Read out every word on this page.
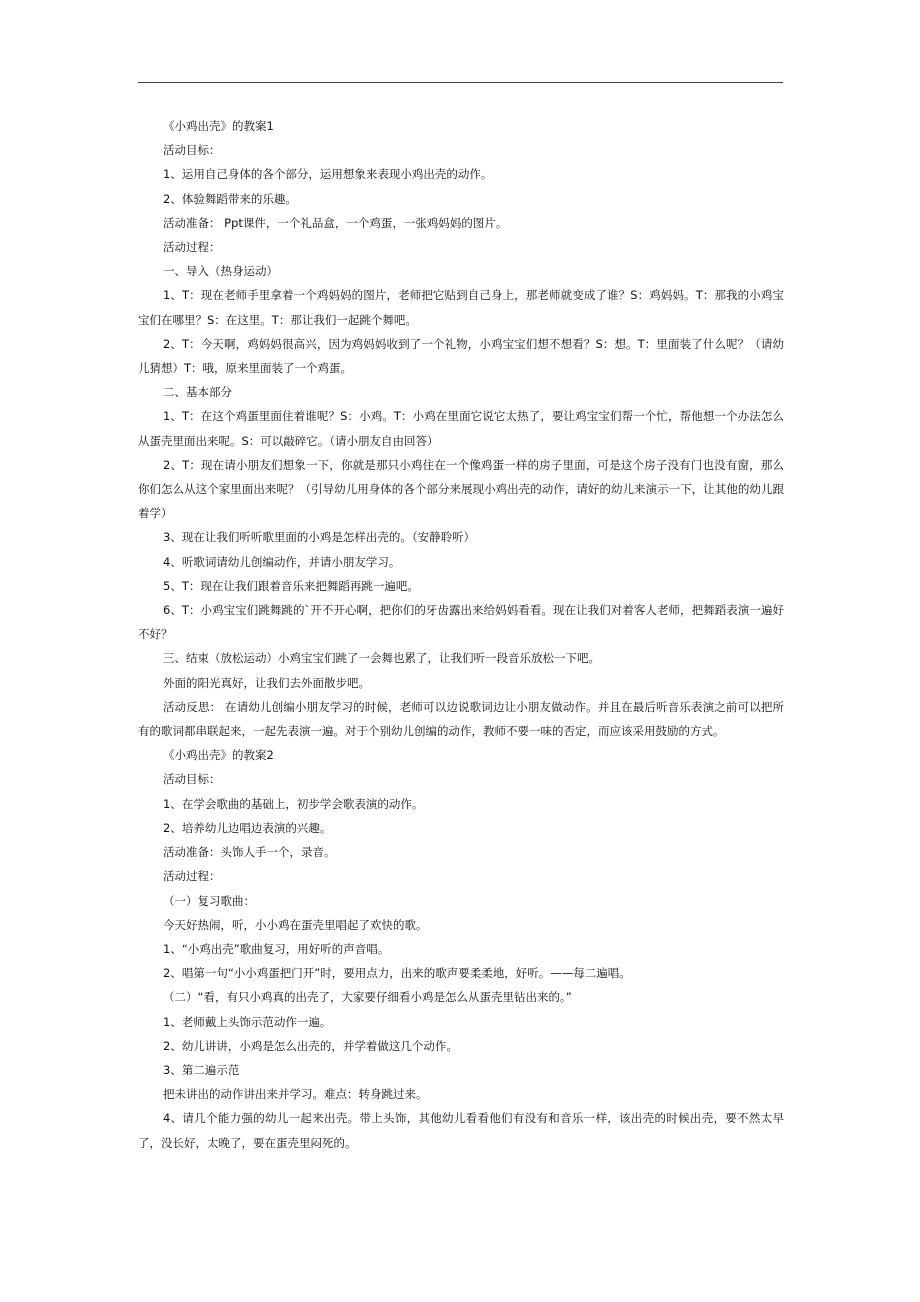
《小鸡出壳》的教案1

活动目标：

1、运用自己身体的各个部分，运用想象来表现小鸡出壳的动作。

2、体验舞蹈带来的乐趣。

活动准备： Ppt课件，一个礼品盒，一个鸡蛋，一张鸡妈妈的图片。

活动过程：

一、导入（热身运动）

1、T：现在老师手里拿着一个鸡妈妈的图片，老师把它贴到自己身上，那老师就变成了谁？S：鸡妈妈。T：那我的小鸡宝宝们在哪里？S：在这里。T：那让我们一起跳个舞吧。

2、T：今天啊，鸡妈妈很高兴，因为鸡妈妈收到了一个礼物，小鸡宝宝们想不想看？S：想。T：里面装了什么呢？（请幼儿猜想）T：哦，原来里面装了一个鸡蛋。

二、基本部分

1、T：在这个鸡蛋里面住着谁呢？S：小鸡。T：小鸡在里面它说它太热了，要让鸡宝宝们帮一个忙，帮他想一个办法怎么从蛋壳里面出来呢。S：可以敲碎它。（请小朋友自由回答）

2、T：现在请小朋友们想象一下，你就是那只小鸡住在一个像鸡蛋一样的房子里面，可是这个房子没有门也没有窗，那么你们怎么从这个家里面出来呢？（引导幼儿用身体的各个部分来展现小鸡出壳的动作，请好的幼儿来演示一下，让其他的幼儿跟着学）

3、现在让我们听听歌里面的小鸡是怎样出壳的。（安静聆听）

4、听歌词请幼儿创编动作，并请小朋友学习。

5、T：现在让我们跟着音乐来把舞蹈再跳一遍吧。

6、T：小鸡宝宝们跳舞跳的`开不开心啊，把你们的牙齿露出来给妈妈看看。现在让我们对着客人老师，把舞蹈表演一遍好不好？

三、结束（放松运动）小鸡宝宝们跳了一会舞也累了，让我们听一段音乐放松一下吧。

外面的阳光真好，让我们去外面散步吧。

活动反思： 在请幼儿创编小朋友学习的时候，老师可以边说歌词边让小朋友做动作。并且在最后听音乐表演之前可以把所有的歌词都串联起来，一起先表演一遍。对于个别幼儿创编的动作，教师不要一味的否定，而应该采用鼓励的方式。

《小鸡出壳》的教案2

活动目标：

1、在学会歌曲的基础上，初步学会歌表演的动作。

2、培养幼儿边唱边表演的兴趣。

活动准备：头饰人手一个，录音。

活动过程：

（一）复习歌曲：

今天好热闹，听，小小鸡在蛋壳里唱起了欢快的歌。

1、“小鸡出壳”歌曲复习，用好听的声音唱。

2、唱第一句“小小鸡蛋把门开”时，要用点力，出来的歌声要柔柔地，好听。——每二遍唱。

（二）“看，有只小鸡真的出壳了，大家要仔细看小鸡是怎么从蛋壳里钻出来的。”

1、老师戴上头饰示范动作一遍。

2、幼儿讲讲，小鸡是怎么出壳的，并学着做这几个动作。

3、第二遍示范

把未讲出的动作讲出来并学习。难点：转身跳过来。

4、请几个能力强的幼儿一起来出壳。带上头饰，其他幼儿看看他们有没有和音乐一样，该出壳的时候出壳，要不然太早了，没长好，太晚了，要在蛋壳里闷死的。
